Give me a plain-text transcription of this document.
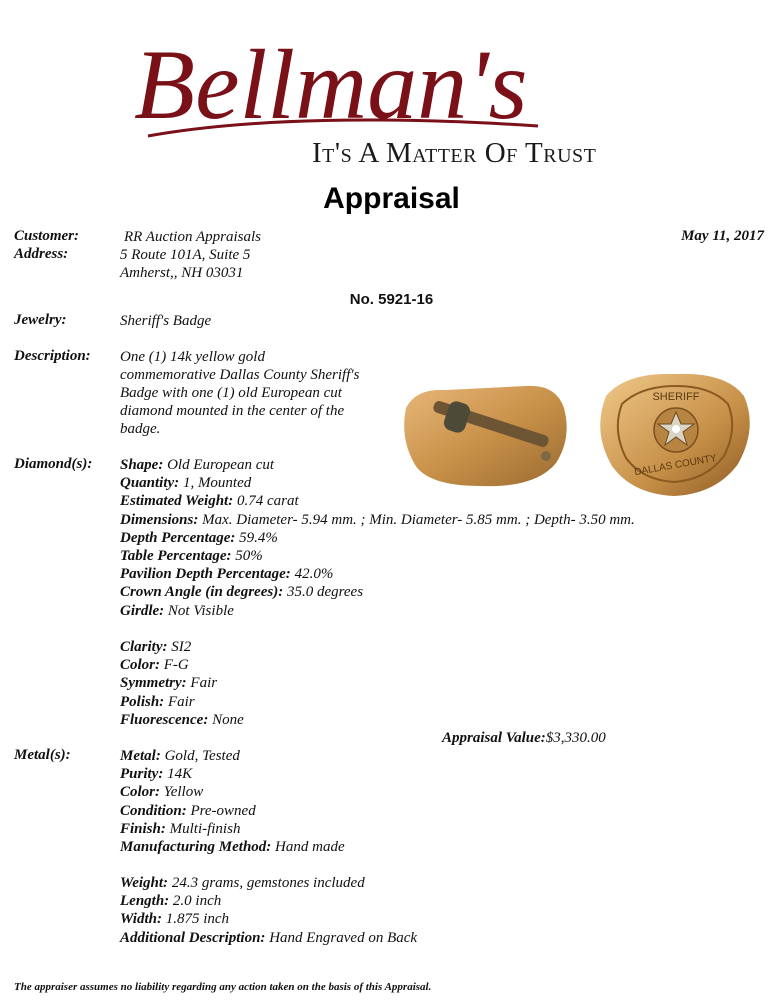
Bellman's
It's A Matter Of Trust
Appraisal
Customer:	RR Auction Appraisals	May 11, 2017
Address:	5 Route 101A, Suite 5
Amherst,, NH 03031
No. 5921-16
Jewelry:	Sheriff's Badge
Description: One (1) 14k yellow gold
commemorative Dallas County Sheriff's
Badge with one (1) old European cut
diamond mounted in the center of the
badge.
SHERIFF
DALLAS COUNTY
Diamond(s): Shape: Old European cut
Quantity: 1, Mounted
Estimated Weight: 0.74 carat
Dimensions: Max. Diameter- 5.94 mm. ; Min. Diameter- 5.85 mm. ; Depth- 3.50 mm.
Depth Percentage: 59.4%
Table Percentage: 50%
Pavilion Depth Percentage: 42.0%
Crown Angle (in degrees): 35.0 degrees
Girdle: Not Visible
Clarity: SI2
Color: F-G
Symmetry: Fair
Polish: Fair
Fluorescence: None
Appraisal Value:$3,330.00
Metal(s):	Metal: Gold, Tested
Purity: 14K
Color: Yellow
Condition: Pre-owned
Finish: Multi-finish
Manufacturing Method: Hand made
Weight: 24.3 grams, gemstones included
Length: 2.0 inch
Width: 1.875 inch
Additional Description: Hand Engraved on Back
The appraiser assumes no liability regarding any action taken on the basis of this Appraisal.
